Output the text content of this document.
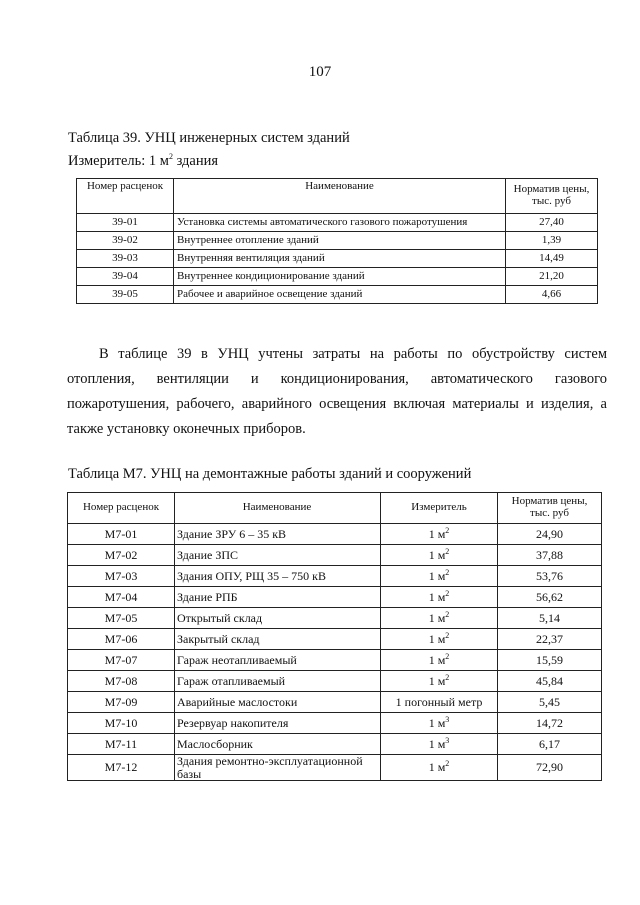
107
Таблица 39. УНЦ инженерных систем зданий
Измеритель: 1 $м^2$ здания
Номер расценок	Наименование	Норматив цены, тыс. руб
39-01	Установка системы автоматического газового пожаротушения	27,40
39-02	Внутреннее отопление зданий	1,39
39-03	Внутренняя вентиляция зданий	14,49
39-04	Внутреннее кондиционирование зданий	21,20
39-05	Рабочее и аварийное освещение зданий	4,66
В таблице 39 в УНЦ учтены затраты на работы по обустройству систем отопления, вентиляции и кондиционирования, автоматического газового пожаротушения, рабочего, аварийного освещения включая материалы и изделия, а также установку оконечных приборов.
Таблица М7. УНЦ на демонтажные работы зданий и сооружений
Номер расценок	Наименование	Измеритель	Норматив цены, тыс. руб
М7-01	Здание ЗРУ 6 – 35 кВ	1 $м^2$	24,90
М7-02	Здание ЗПС	1 $м^2$	37,88
М7-03	Здания ОПУ, РЩ 35 – 750 кВ	1 $м^2$	53,76
М7-04	Здание РПБ	1 $м^2$	56,62
М7-05	Открытый склад	1 $м^2$	5,14
М7-06	Закрытый склад	1 $м^2$	22,37
М7-07	Гараж неотапливаемый	1 $м^2$	15,59
М7-08	Гараж отапливаемый	1 $м^2$	45,84
М7-09	Аварийные маслостоки	1 погонный метр	5,45
М7-10	Резервуар накопителя	1 $м^3$	14,72
М7-11	Маслосборник	1 $м^3$	6,17
М7-12	Здания ремонтно-эксплуатационной базы	1 $м^2$	72,90
